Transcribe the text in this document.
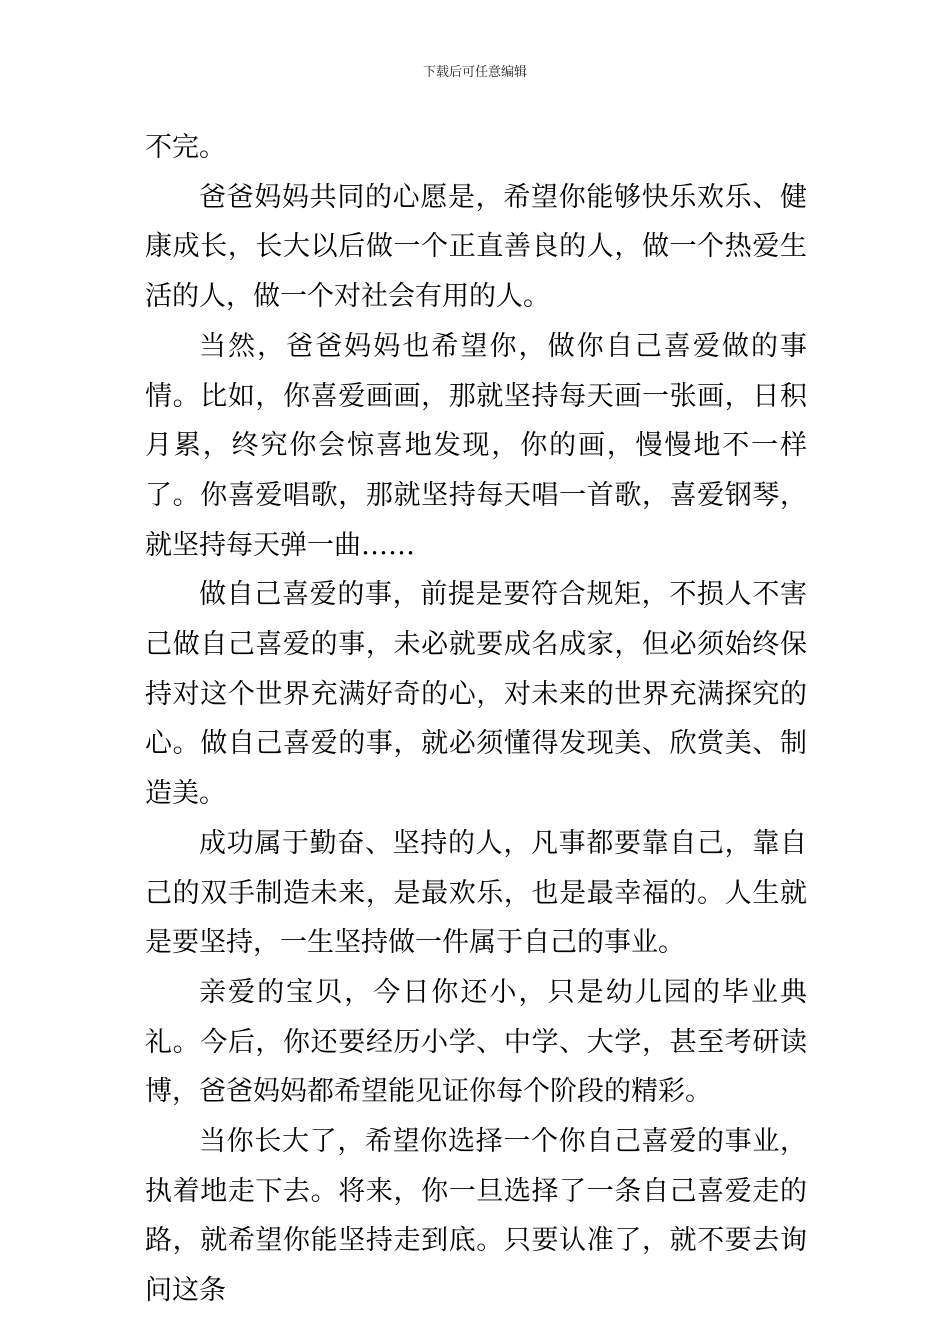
下载后可任意编辑

不完。

爸爸妈妈共同的心愿是，希望你能够快乐欢乐、健康成长，长大以后做一个正直善良的人，做一个热爱生活的人，做一个对社会有用的人。

当然，爸爸妈妈也希望你，做你自己喜爱做的事情。比如，你喜爱画画，那就坚持每天画一张画，日积月累，终究你会惊喜地发现，你的画，慢慢地不一样了。你喜爱唱歌，那就坚持每天唱一首歌，喜爱钢琴，就坚持每天弹一曲……

做自己喜爱的事，前提是要符合规矩，不损人不害己做自己喜爱的事，未必就要成名成家，但必须始终保持对这个世界充满好奇的心，对未来的世界充满探究的心。做自己喜爱的事，就必须懂得发现美、欣赏美、制造美。

成功属于勤奋、坚持的人，凡事都要靠自己，靠自己的双手制造未来，是最欢乐，也是最幸福的。人生就是要坚持，一生坚持做一件属于自己的事业。

亲爱的宝贝，今日你还小，只是幼儿园的毕业典礼。今后，你还要经历小学、中学、大学，甚至考研读博，爸爸妈妈都希望能见证你每个阶段的精彩。

当你长大了，希望你选择一个你自己喜爱的事业，执着地走下去。将来，你一旦选择了一条自己喜爱走的路，就希望你能坚持走到底。只要认准了，就不要去询问这条
